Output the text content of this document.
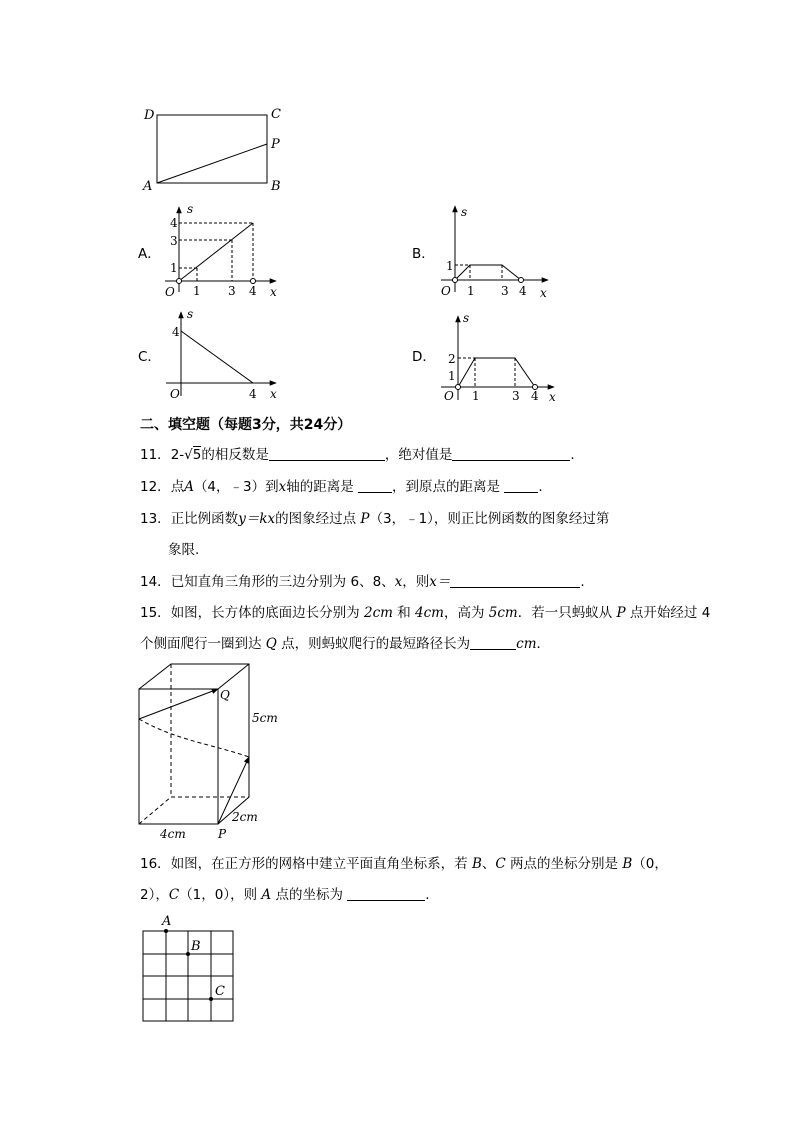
D	C
P
A	B
s
x
O 1 3 4
1
3
4
s
x
O 1 3 4
1
s
x
O	4
4
s
x
O 1	3 4
2
1
Q
5cm
2cm
4cm	P
A
B
C
A．	B．
C．	D．
二、填空题（每题3分，共24分）
11．2-√5的相反数是	，绝对值是	.
12．点A（4，﹣3）到x轴的距离是	，到原点的距离是	.
13．正比例函数y＝kx的图象经过点 P（3，﹣1），则正比例函数的图象经过第
象限.
14．已知直角三角形的三边分别为 6、8、x，则x＝	.
15．如图，长方体的底面边长分别为 2cm 和 4cm，高为 5cm．若一只蚂蚁从 P 点开始经过 4
个侧面爬行一圈到达 Q 点，则蚂蚁爬行的最短路径长为	cm．
16．如图，在正方形的网格中建立平面直角坐标系，若 B、C 两点的坐标分别是 B（0，
2），C（1，0），则 A 点的坐标为	.
